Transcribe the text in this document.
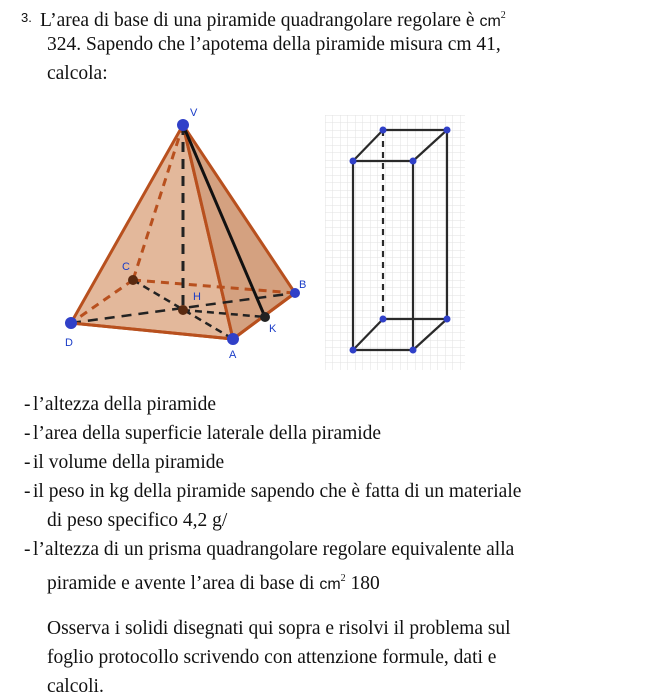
3. L’area di base di una piramide quadrangolare regolare è $cm^2$
324. Sapendo che l’apotema della piramide misura cm 41,
calcola:
V
C
H
B
K
D
A
- l’altezza della piramide
- l’area della superficie laterale della piramide
- il volume della piramide
- il peso in kg della piramide sapendo che è fatta di un materiale
di peso specifico 4,2 g/
- l’altezza di un prisma quadrangolare regolare equivalente alla
piramide e avente l’area di base di $cm^2$ 180
Osserva i solidi disegnati qui sopra e risolvi il problema sul
foglio protocollo scrivendo con attenzione formule, dati e
calcoli.
